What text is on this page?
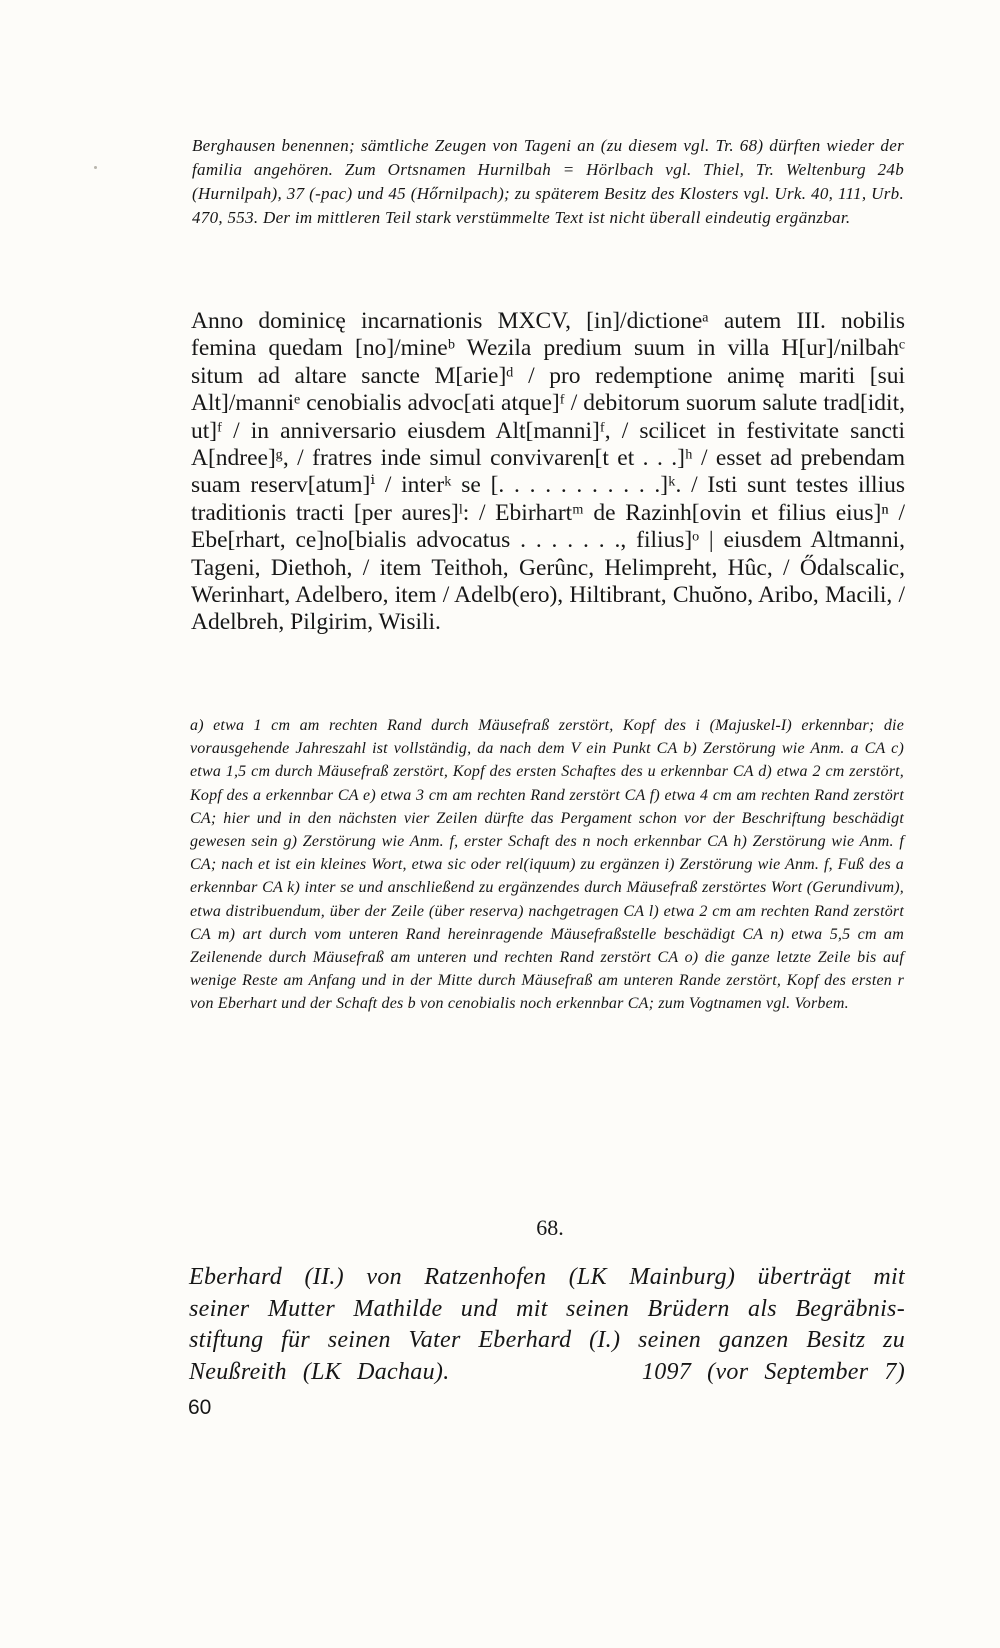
Berghausen benennen; sämtliche Zeugen von Tageni an (zu diesem vgl. Tr. 68) dürften wieder der familia angehören. Zum Ortsnamen Hurnilbah = Hörlbach vgl. Thiel, Tr. Weltenburg 24b (Hurnilpah), 37 (-pac) und 45 (Hőrnilpach); zu späterem Besitz des Klosters vgl. Urk. 40, 111, Urb. 470, 553. Der im mittleren Teil stark verstümmelte Text ist nicht überall eindeutig ergänzbar.

Anno dominicę incarnationis MXCV, [in]/dictioneᵃ autem III. nobilis femina quedam [no]/mineᵇ Wezila predium suum in villa H[ur]/nilbahᶜ situm ad altare sancte M[arie]ᵈ / pro redemptione animę mariti [sui Alt]/manniᵉ cenobialis advoc[ati atque]ᶠ / debitorum suorum salute trad[idit, ut]ᶠ / in anniversario eiusdem Alt[manni]ᶠ, / scilicet in festivitate sancti A[ndree]ᵍ, / fratres inde simul convivaren[t et . . .]ʰ / esset ad prebendam suam reserv[atum]ⁱ / interᵏ se [. . . . . . . . . . .]ᵏ. / Isti sunt testes illius traditionis tracti [per aures]ˡ: / Ebirhartᵐ de Razinh[ovin et filius eius]ⁿ / Ebe[rhart, ce]no[bialis advocatus . . . . . . ., filius]ᵒ | eiusdem Altmanni, Tageni, Diethoh, / item Teithoh, Gerûnc, Helimpreht, Hûc, / Ődalscalic, Werinhart, Adelbero, item / Adelb(ero), Hiltibrant, Chuŏno, Aribo, Macili, / Adelbreh, Pilgirim, Wisili.

a) etwa 1 cm am rechten Rand durch Mäusefraß zerstört, Kopf des i (Majuskel-I) erkennbar; die vorausgehende Jahreszahl ist vollständig, da nach dem V ein Punkt CA b) Zerstörung wie Anm. a CA c) etwa 1,5 cm durch Mäusefraß zerstört, Kopf des ersten Schaftes des u erkennbar CA d) etwa 2 cm zerstört, Kopf des a erkennbar CA e) etwa 3 cm am rechten Rand zerstört CA f) etwa 4 cm am rechten Rand zerstört CA; hier und in den nächsten vier Zeilen dürfte das Pergament schon vor der Beschriftung beschädigt gewesen sein g) Zerstörung wie Anm. f, erster Schaft des n noch erkennbar CA h) Zerstörung wie Anm. f CA; nach et ist ein kleines Wort, etwa sic oder rel(iquum) zu ergänzen i) Zerstörung wie Anm. f, Fuß des a erkennbar CA k) inter se und anschließend zu ergänzendes durch Mäusefraß zerstörtes Wort (Gerundivum), etwa distribuendum, über der Zeile (über reserva) nachgetragen CA l) etwa 2 cm am rechten Rand zerstört CA m) art durch vom unteren Rand hereinragende Mäusefraßstelle beschädigt CA n) etwa 5,5 cm am Zeilenende durch Mäusefraß am unteren und rechten Rand zerstört CA o) die ganze letzte Zeile bis auf wenige Reste am Anfang und in der Mitte durch Mäusefraß am unteren Rande zerstört, Kopf des ersten r von Eberhart und der Schaft des b von cenobialis noch erkennbar CA; zum Vogtnamen vgl. Vorbem.

68.

Eberhard (II.) von Ratzenhofen (LK Mainburg) überträgt mit

seiner Mutter Mathilde und mit seinen Brüdern als Begräbnis-

stiftung für seinen Vater Eberhard (I.) seinen ganzen Besitz zu

Neußreith (LK Dachau).            1097 (vor September 7)

60
